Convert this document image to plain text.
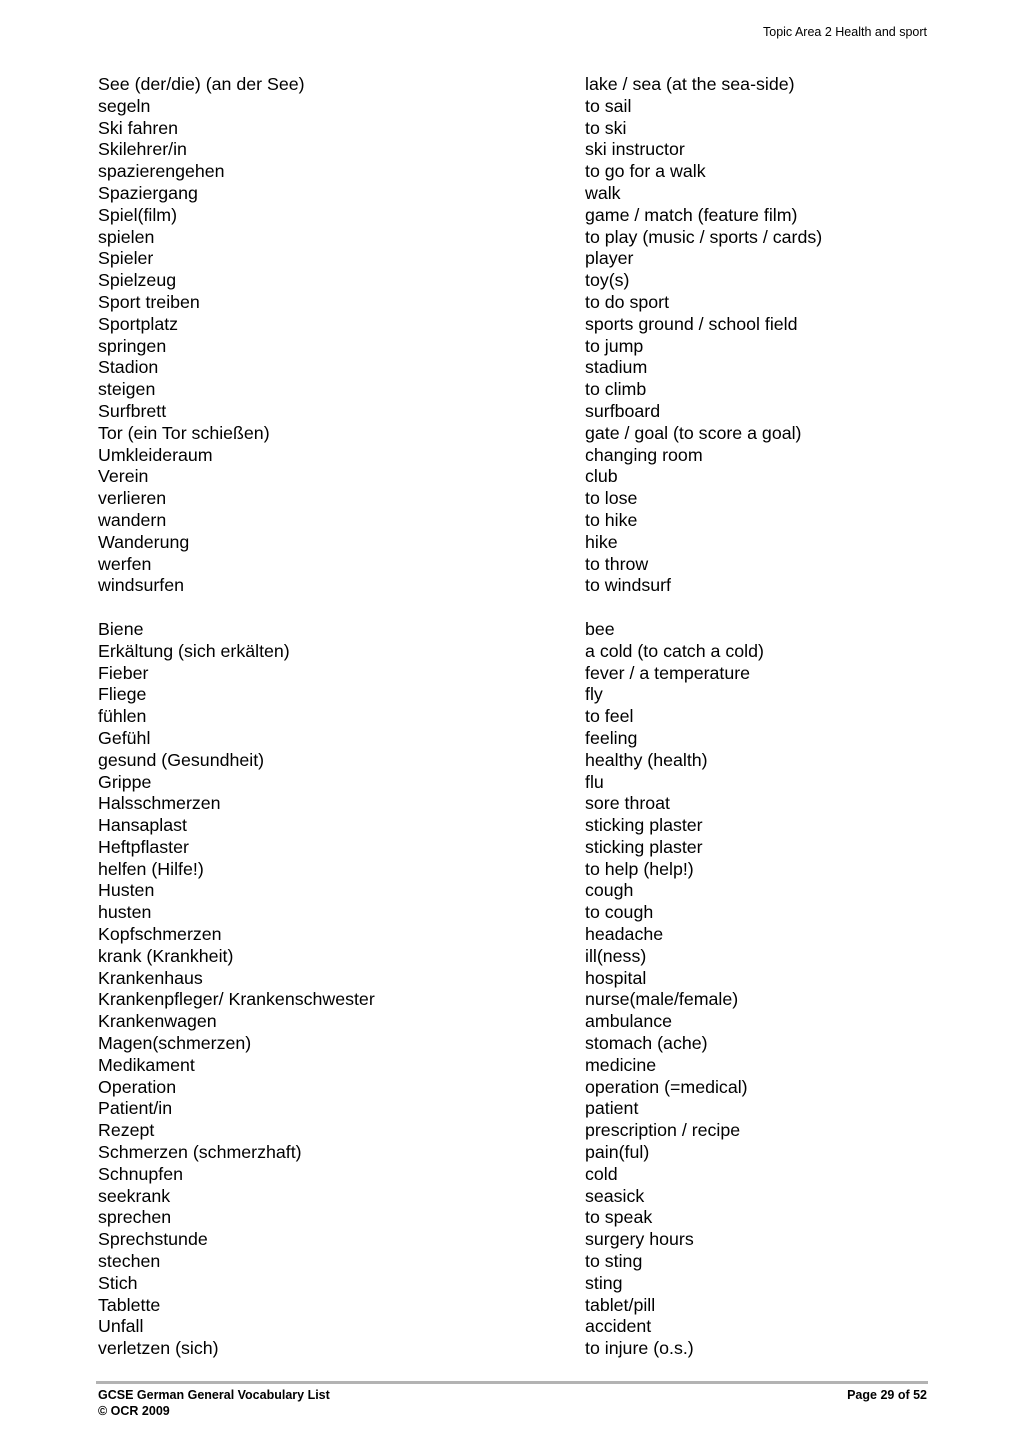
Topic Area 2 Health and sport
See (der/die) (an der See)	lake / sea (at the sea-side)
segeln	to sail
Ski fahren	to ski
Skilehrer/in	ski instructor
spazierengehen	to go for a walk
Spaziergang	walk
Spiel(film)	game / match (feature film)
spielen	to play (music / sports / cards)
Spieler	player
Spielzeug	toy(s)
Sport treiben	to do sport
Sportplatz	sports ground / school field
springen	to jump
Stadion	stadium
steigen	to climb
Surfbrett	surfboard
Tor (ein Tor schießen)	gate / goal (to score a goal)
Umkleideraum	changing room
Verein	club
verlieren	to lose
wandern	to hike
Wanderung	hike
werfen	to throw
windsurfen	to windsurf
Biene	bee
Erkältung (sich erkälten)	a cold (to catch a cold)
Fieber	fever / a temperature
Fliege	fly
fühlen	to feel
Gefühl	feeling
gesund (Gesundheit)	healthy (health)
Grippe	flu
Halsschmerzen	sore throat
Hansaplast	sticking plaster
Heftpflaster	sticking plaster
helfen (Hilfe!)	to help (help!)
Husten	cough
husten	to cough
Kopfschmerzen	headache
krank (Krankheit)	ill(ness)
Krankenhaus	hospital
Krankenpfleger/ Krankenschwester	nurse(male/female)
Krankenwagen	ambulance
Magen(schmerzen)	stomach (ache)
Medikament	medicine
Operation	operation (=medical)
Patient/in	patient
Rezept	prescription / recipe
Schmerzen (schmerzhaft)	pain(ful)
Schnupfen	cold
seekrank	seasick
sprechen	to speak
Sprechstunde	surgery hours
stechen	to sting
Stich	sting
Tablette	tablet/pill
Unfall	accident
verletzen (sich)	to injure (o.s.)
GCSE German General Vocabulary List
© OCR 2009
Page 29 of 52
